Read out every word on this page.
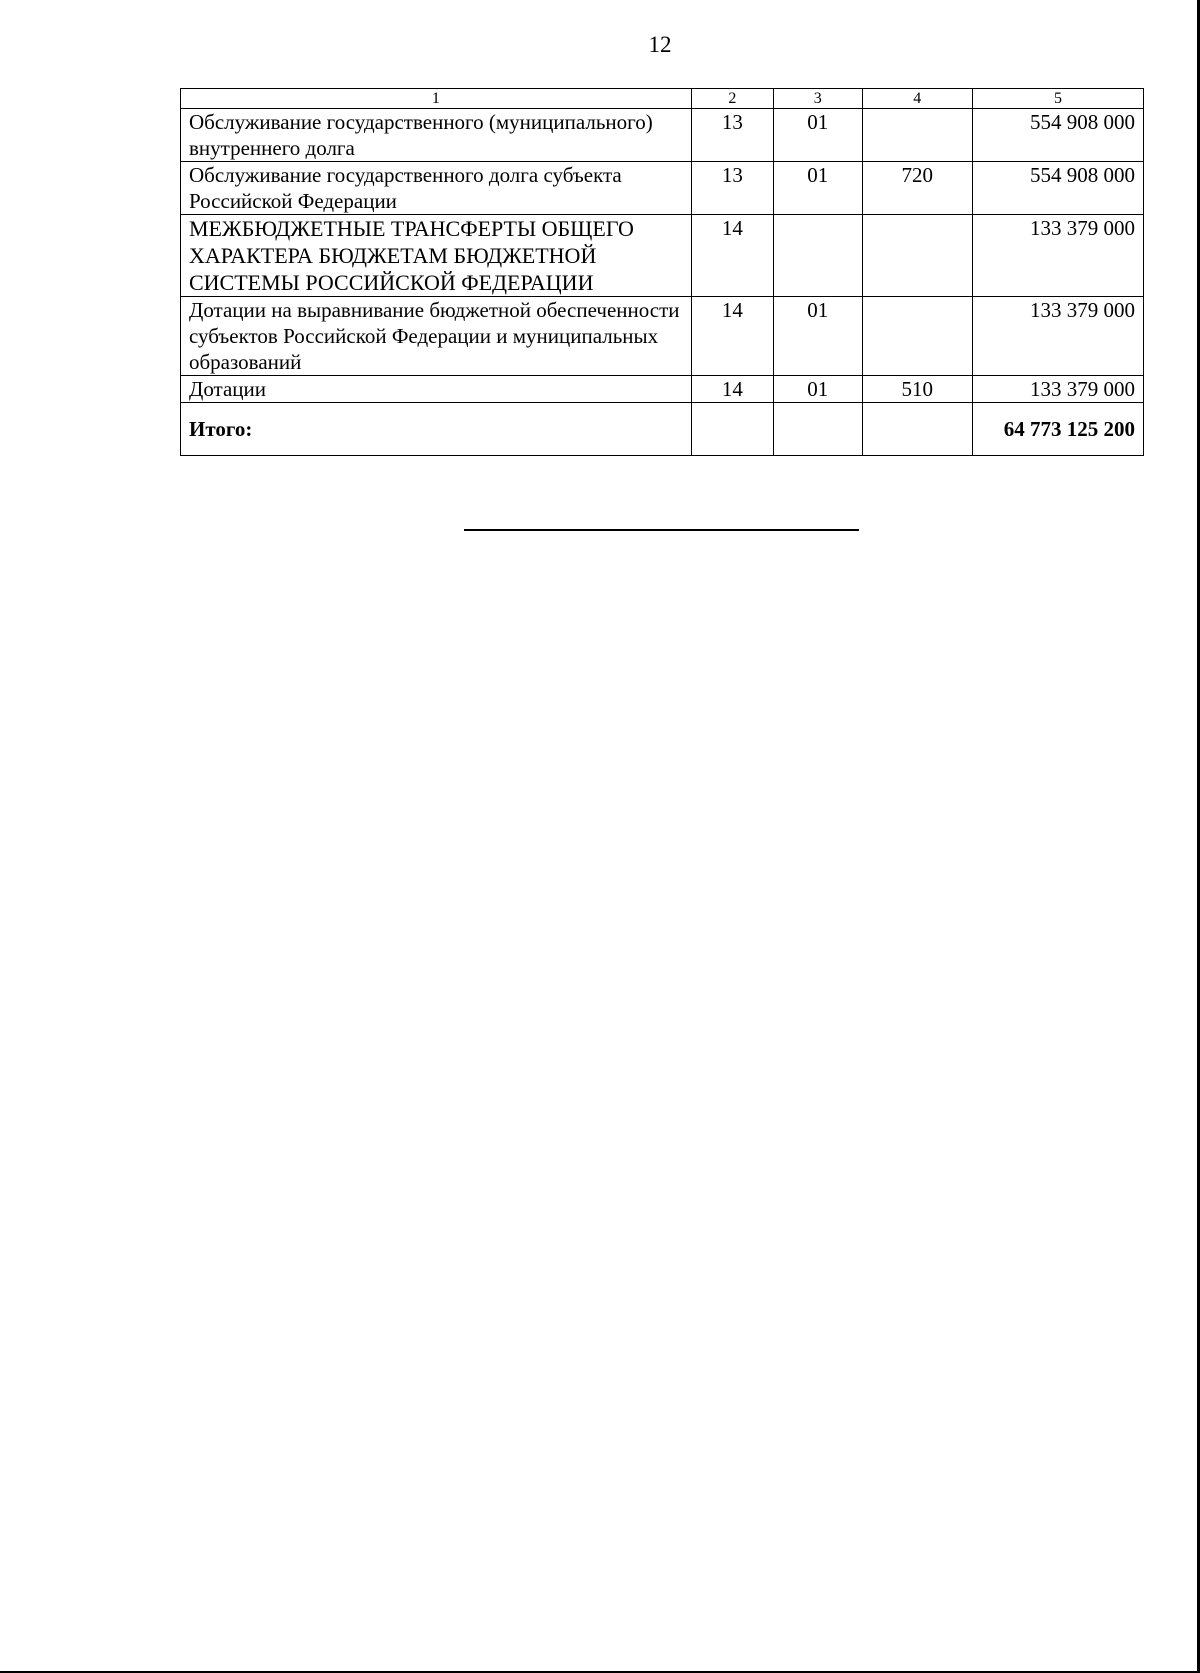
12
1	2	3	4	5
Обслуживание государственного (муниципального) внутреннего долга	13	01		554 908 000
Обслуживание государственного долга субъекта Российской Федерации	13	01	720	554 908 000
МЕЖБЮДЖЕТНЫЕ ТРАНСФЕРТЫ ОБЩЕГО ХАРАКТЕРА БЮДЖЕТАМ БЮДЖЕТНОЙ СИСТЕМЫ РОССИЙСКОЙ ФЕДЕРАЦИИ	14			133 379 000
Дотации на выравнивание бюджетной обеспеченности субъектов Российской Федерации и муниципальных образований	14	01		133 379 000
Дотации	14	01	510	133 379 000
Итого:				64 773 125 200
